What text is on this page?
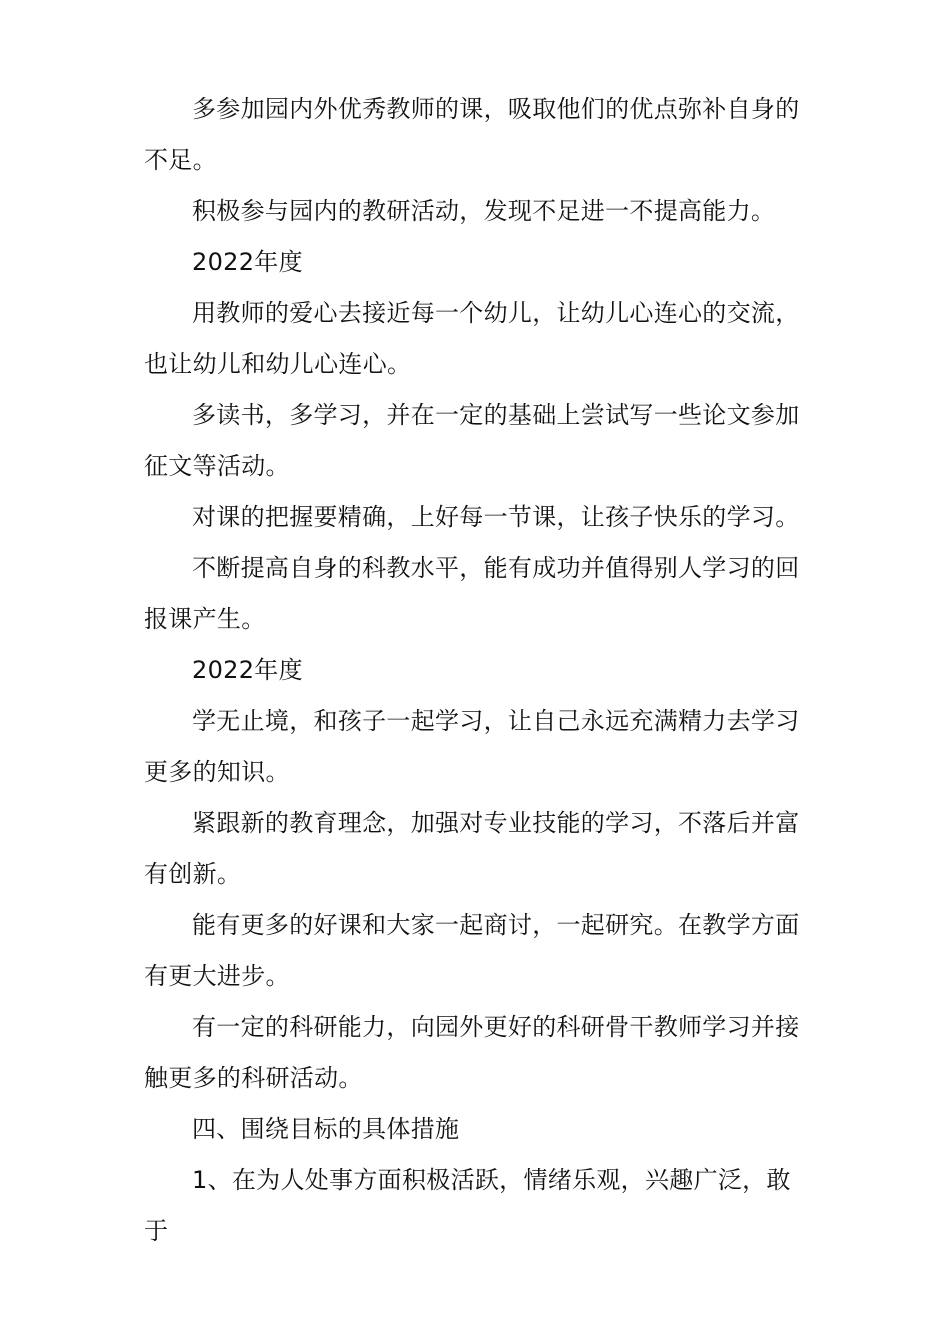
多参加园内外优秀教师的课，吸取他们的优点弥补自身的不足。

积极参与园内的教研活动，发现不足进一不提高能力。

2022年度

用教师的爱心去接近每一个幼儿，让幼儿心连心的交流，也让幼儿和幼儿心连心。

多读书，多学习，并在一定的基础上尝试写一些论文参加征文等活动。

对课的把握要精确，上好每一节课，让孩子快乐的学习。

不断提高自身的科教水平，能有成功并值得别人学习的回报课产生。

2022年度

学无止境，和孩子一起学习，让自己永远充满精力去学习更多的知识。

紧跟新的教育理念，加强对专业技能的学习，不落后并富有创新。

能有更多的好课和大家一起商讨，一起研究。在教学方面有更大进步。

有一定的科研能力，向园外更好的科研骨干教师学习并接触更多的科研活动。

四、围绕目标的具体措施

1、在为人处事方面积极活跃，情绪乐观，兴趣广泛，敢于
